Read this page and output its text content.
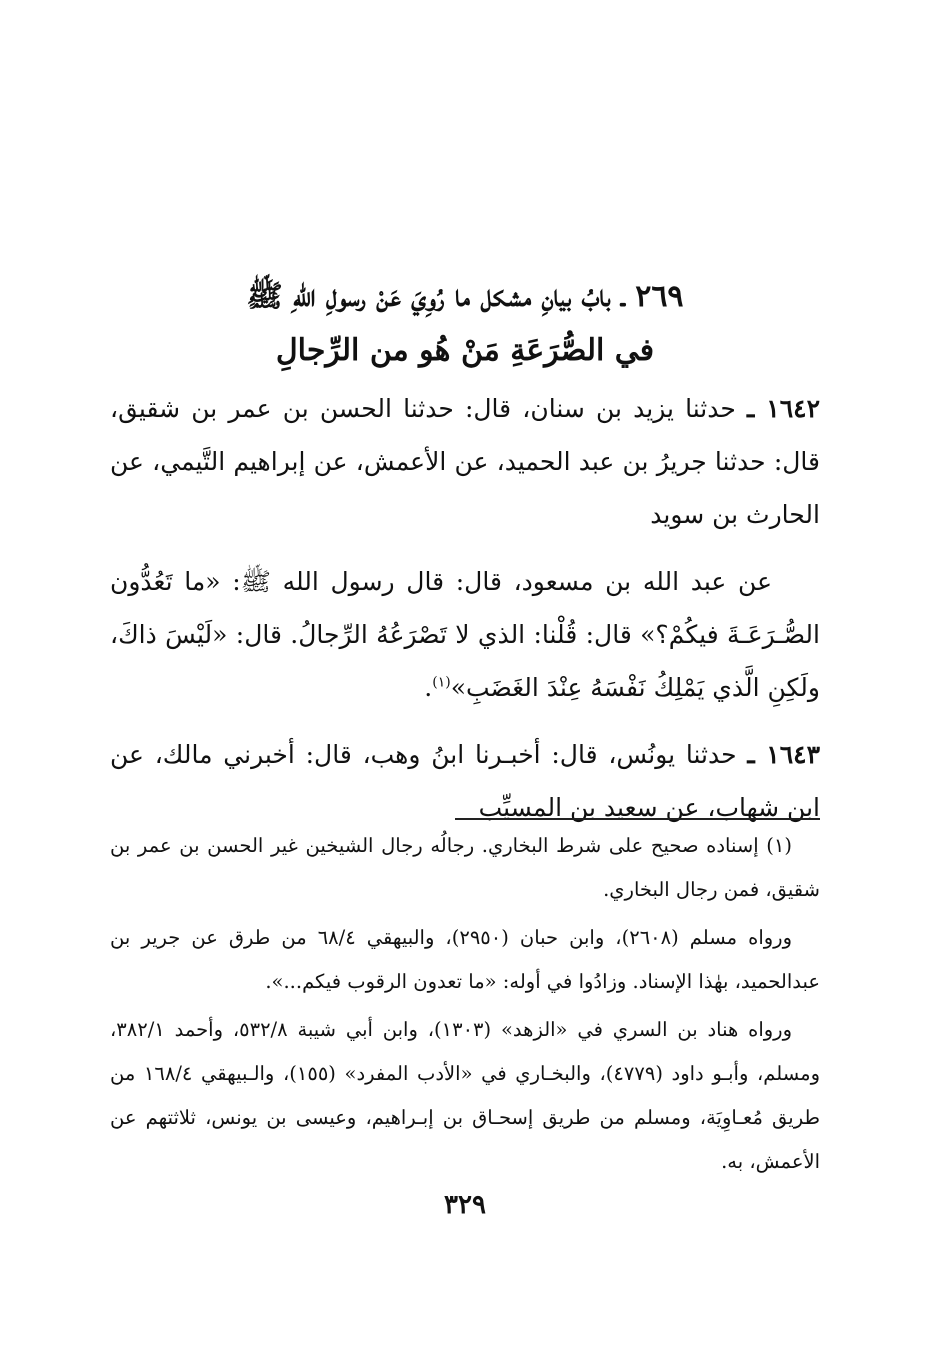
٢٦٩ ـ بابُ بيانِ مشكل ما رُوِيَ عَنْ رسولِ اللهِ ﷺ
في الصُّرَعَةِ مَنْ هُو من الرِّجالِ

١٦٤٢ ـ حدثنا يزيد بن سنان، قال: حدثنا الحسن بن عمر بن شقيق، قال: حدثنا جريرُ بن عبد الحميد، عن الأعمش، عن إبراهيم التَّيمي، عن الحارث بن سويد

عن عبد الله بن مسعود، قال: قال رسول الله ﷺ: «ما تَعُدُّون الصُّـرَعَـةَ فيكُمْ؟» قال: قُلْنا: الذي لا تَصْرَعُهُ الرِّجالُ. قال: «لَيْسَ ذاكَ، ولَكِنِ الَّذي يَمْلِكُ نَفْسَهُ عِنْدَ الغَضَبِ»$^{(١)}$.

١٦٤٣ ـ حدثنا يونُس، قال: أخبـرنا ابنُ وهب، قال: أخبرني مالك، عن ابن شهاب، عن سعيد بن المسيِّب

(١) إسناده صحيح على شرط البخاري. رجالُه رجال الشيخين غير الحسن بن عمر بن شقيق، فمن رجال البخاري.

ورواه مسلم (٢٦٠٨)، وابن حبان (٢٩٥٠)، والبيهقي ٦٨/٤ من طرق عن جرير بن عبدالحميد، بهٰذا الإسناد. وزادُوا في أوله: «ما تعدون الرقوب فيكم...».

ورواه هناد بن السري في «الزهد» (١٣٠٣)، وابن أبي شيبة ٥٣٢/٨، وأحمد ٣٨٢/١، ومسلم، وأبـو داود (٤٧٧٩)، والبخـاري في «الأدب المفرد» (١٥٥)، والـبيهقي ١٦٨/٤ من طريق مُعـاوِيَة، ومسلم من طريق إسحـاق بن إبـراهيم، وعيسى بن يونس، ثلاثتهم عن الأعمش، به.

٣٢٩
